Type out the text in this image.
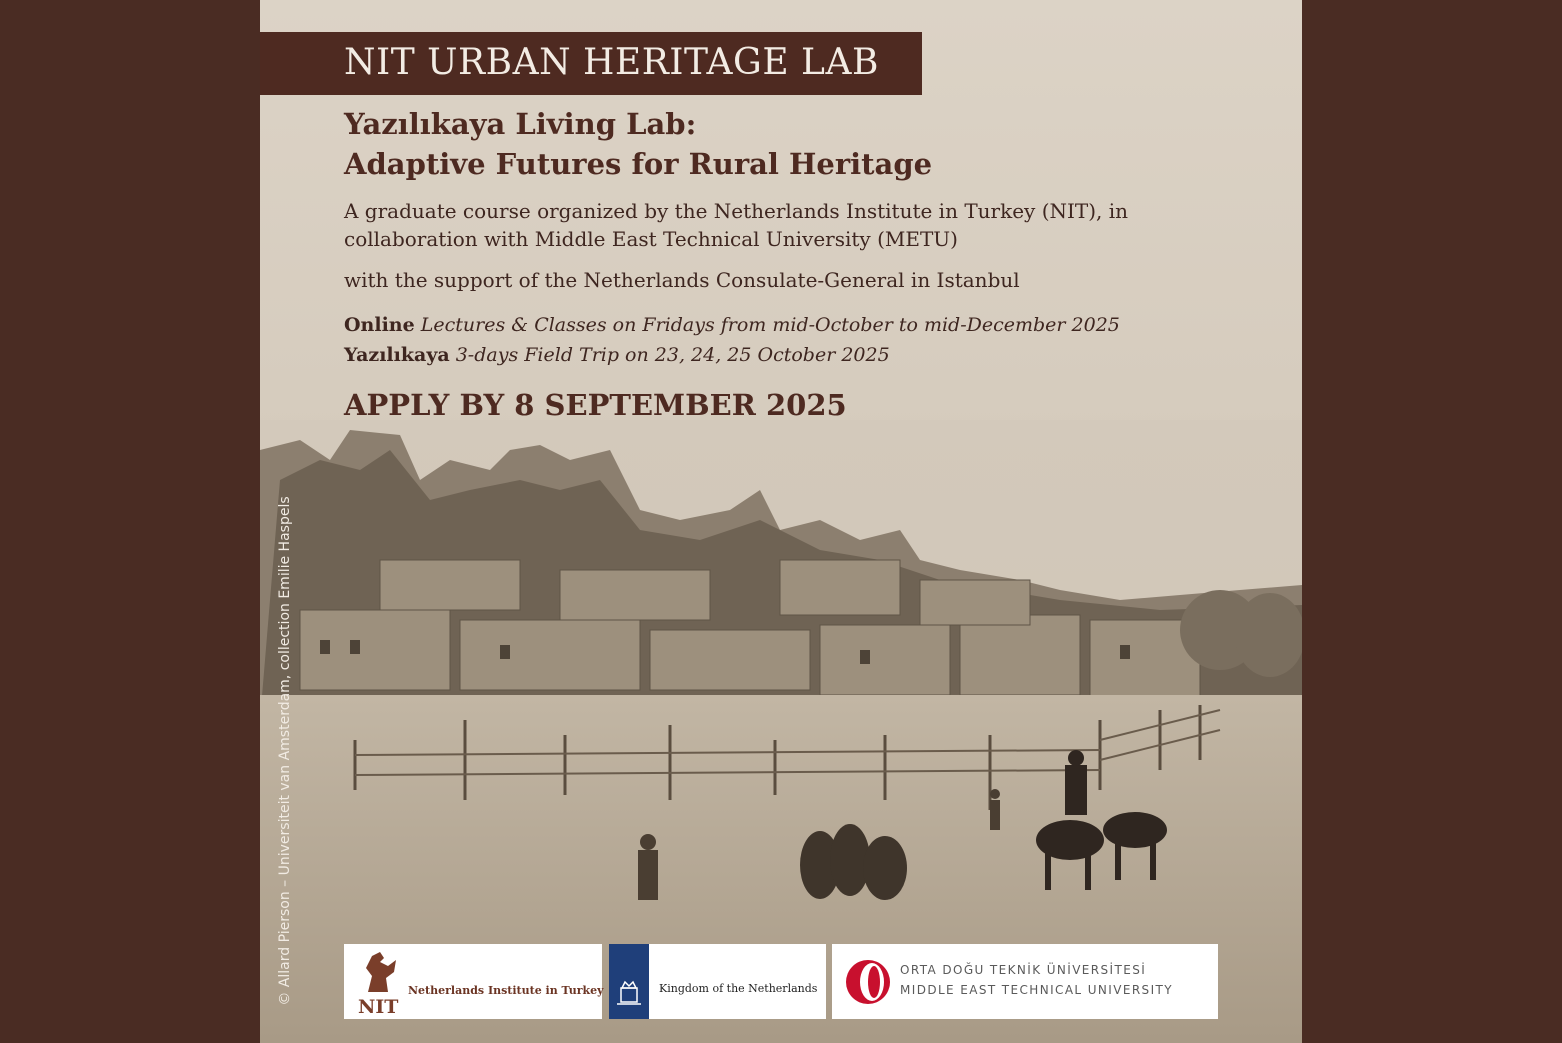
NIT URBAN HERITAGE LAB
Yazılıkaya Living Lab:
Adaptive Futures for Rural Heritage
A graduate course organized by the Netherlands Institute in Turkey (NIT), in
collaboration with Middle East Technical University (METU)
with the support of the Netherlands Consulate-General in Istanbul
Online Lectures & Classes on Fridays from mid-October to mid-December 2025
Yazılıkaya 3-days Field Trip on 23, 24, 25 October 2025
APPLY BY 8 SEPTEMBER 2025
© Allard Pierson – Universiteit van Amsterdam, collection Emilie Haspels
NIT
Netherlands Institute in Turkey	Kingdom of the Netherlands
ORTA DOĞU TEKNİK ÜNİVERSİTESİ
MIDDLE EAST TECHNICAL UNIVERSITY
